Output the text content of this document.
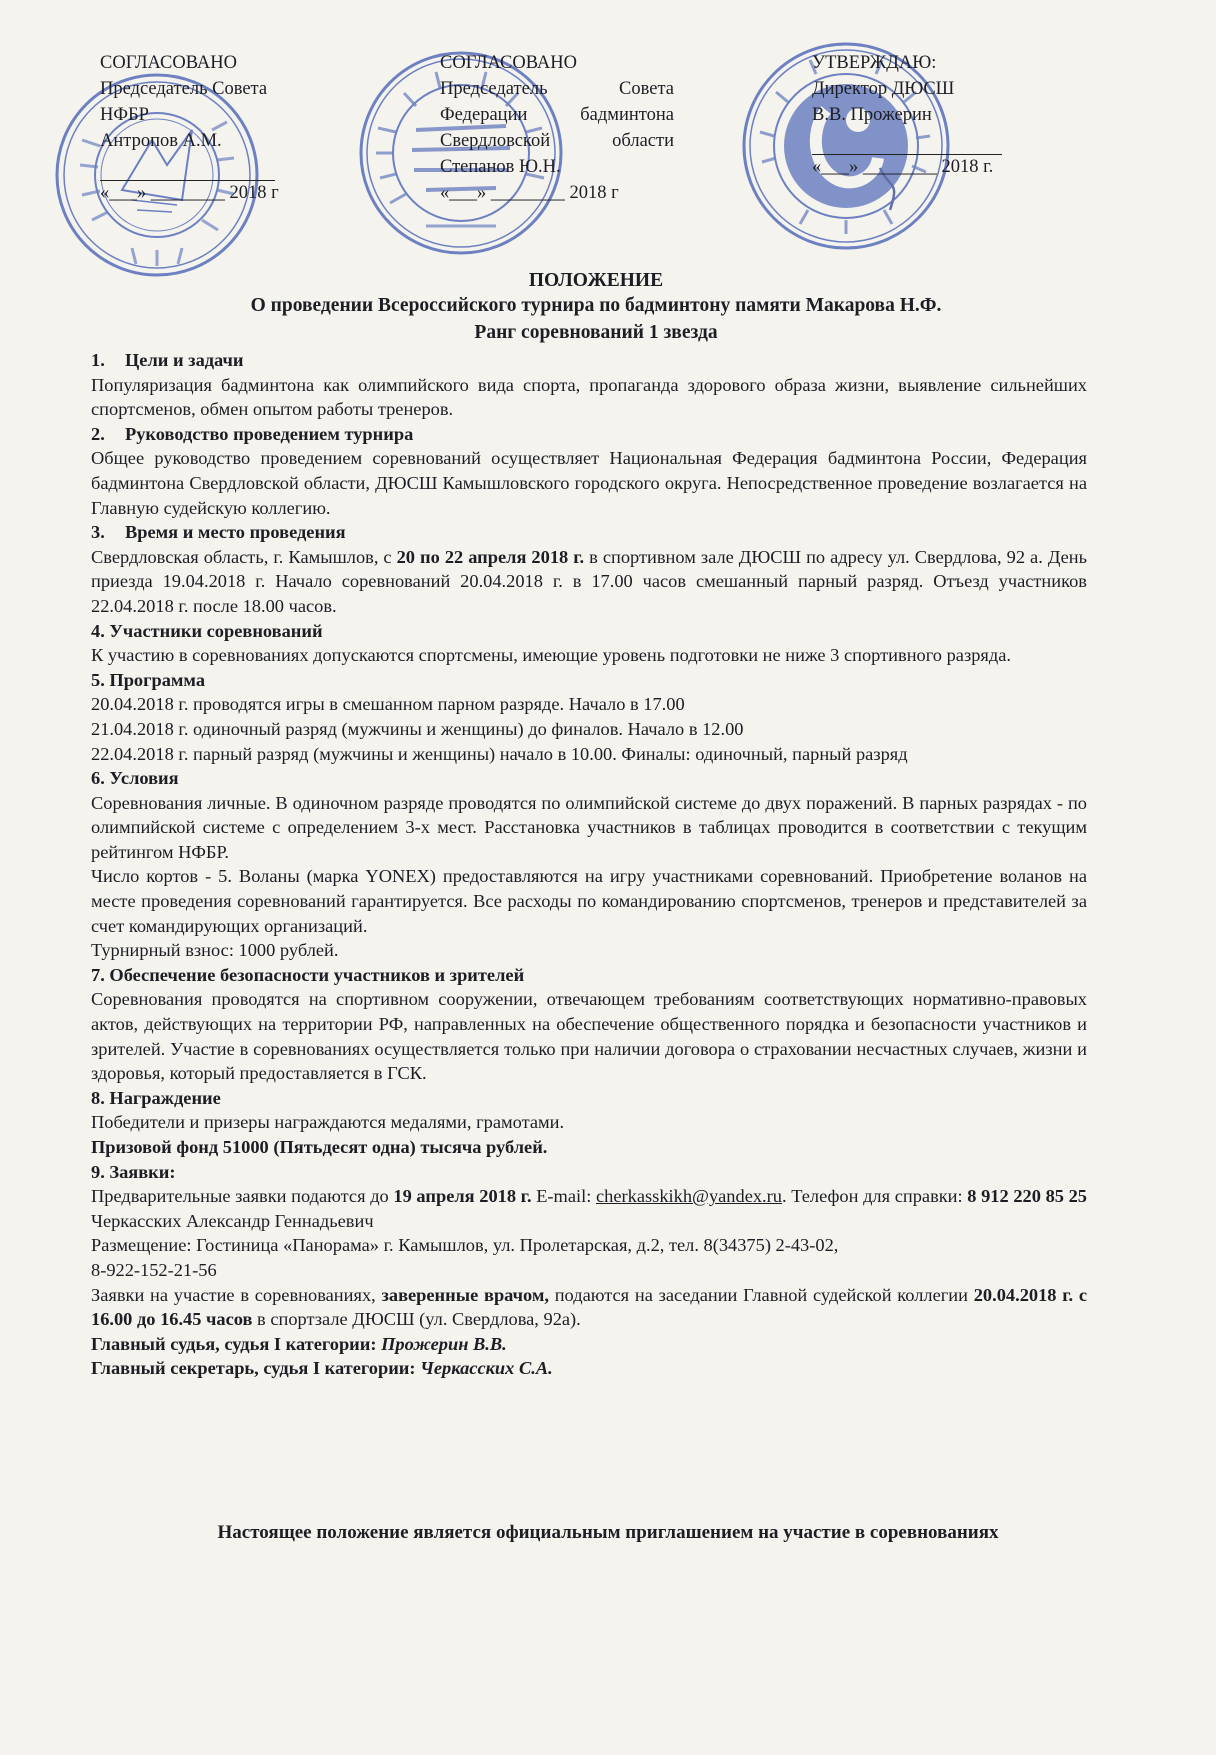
СОГЛАСОВАНО
Председатель Совета
НФБР
Антропов А.М.

«___» ________ 2018 г
СОГЛАСОВАНО
Председатель Совета
Федерации бадминтона
Свердловской области
Степанов Ю.Н.
«___» ________ 2018 г
УТВЕРЖДАЮ:
Директор ДЮСШ
В.В. Прожерин

«___» ________ 2018 г.
ПОЛОЖЕНИЕ
О проведении Всероссийского турнира по бадминтону памяти Макарова Н.Ф.
Ранг соревнований 1 звезда

1. Цели и задачи

Популяризация бадминтона как олимпийского вида спорта, пропаганда здорового образа жизни, выявление сильнейших спортсменов, обмен опытом работы тренеров.

2. Руководство проведением турнира

Общее руководство проведением соревнований осуществляет Национальная Федерация бадминтона России, Федерация бадминтона Свердловской области, ДЮСШ Камышловского городского округа. Непосредственное проведение возлагается на Главную судейскую коллегию.

3. Время и место проведения

Свердловская область, г. Камышлов, с 20 по 22 апреля 2018 г. в спортивном зале ДЮСШ по адресу ул. Свердлова, 92 а. День приезда 19.04.2018 г. Начало соревнований 20.04.2018 г. в 17.00 часов смешанный парный разряд. Отъезд участников 22.04.2018 г. после 18.00 часов.

4. Участники соревнований

К участию в соревнованиях допускаются спортсмены, имеющие уровень подготовки не ниже 3 спортивного разряда.

5. Программа

20.04.2018 г. проводятся игры в смешанном парном разряде. Начало в 17.00

21.04.2018 г. одиночный разряд (мужчины и женщины) до финалов. Начало в 12.00

22.04.2018 г. парный разряд (мужчины и женщины) начало в 10.00. Финалы: одиночный, парный разряд

6. Условия

Соревнования личные. В одиночном разряде проводятся по олимпийской системе до двух поражений. В парных разрядах - по олимпийской системе с определением 3-х мест. Расстановка участников в таблицах проводится в соответствии с текущим рейтингом НФБР.

Число кортов - 5. Воланы (марка YONEX) предоставляются на игру участниками соревнований. Приобретение воланов на месте проведения соревнований гарантируется. Все расходы по командированию спортсменов, тренеров и представителей за счет командирующих организаций.

Турнирный взнос: 1000 рублей.

7. Обеспечение безопасности участников и зрителей

Соревнования проводятся на спортивном сооружении, отвечающем требованиям соответствующих нормативно-правовых актов, действующих на территории РФ, направленных на обеспечение общественного порядка и безопасности участников и зрителей. Участие в соревнованиях осуществляется только при наличии договора о страховании несчастных случаев, жизни и здоровья, который предоставляется в ГСК.

8. Награждение

Победители и призеры награждаются медалями, грамотами.

Призовой фонд 51000 (Пятьдесят одна) тысяча рублей.

9. Заявки:

Предварительные заявки подаются до 19 апреля 2018 г. E-mail: cherkasskikh@yandex.ru. Телефон для справки: 8 912 220 85 25 Черкасских Александр Геннадьевич

Размещение: Гостиница «Панорама» г. Камышлов, ул. Пролетарская, д.2, тел. 8(34375) 2-43-02,

8-922-152-21-56

Заявки на участие в соревнованиях, заверенные врачом, подаются на заседании Главной судейской коллегии 20.04.2018 г. с 16.00 до 16.45 часов в спортзале ДЮСШ (ул. Свердлова, 92а).

Главный судья, судья I категории: Прожерин В.В.

Главный секретарь, судья I категории: Черкасских С.А.

Настоящее положение является официальным приглашением на участие в соревнованиях
